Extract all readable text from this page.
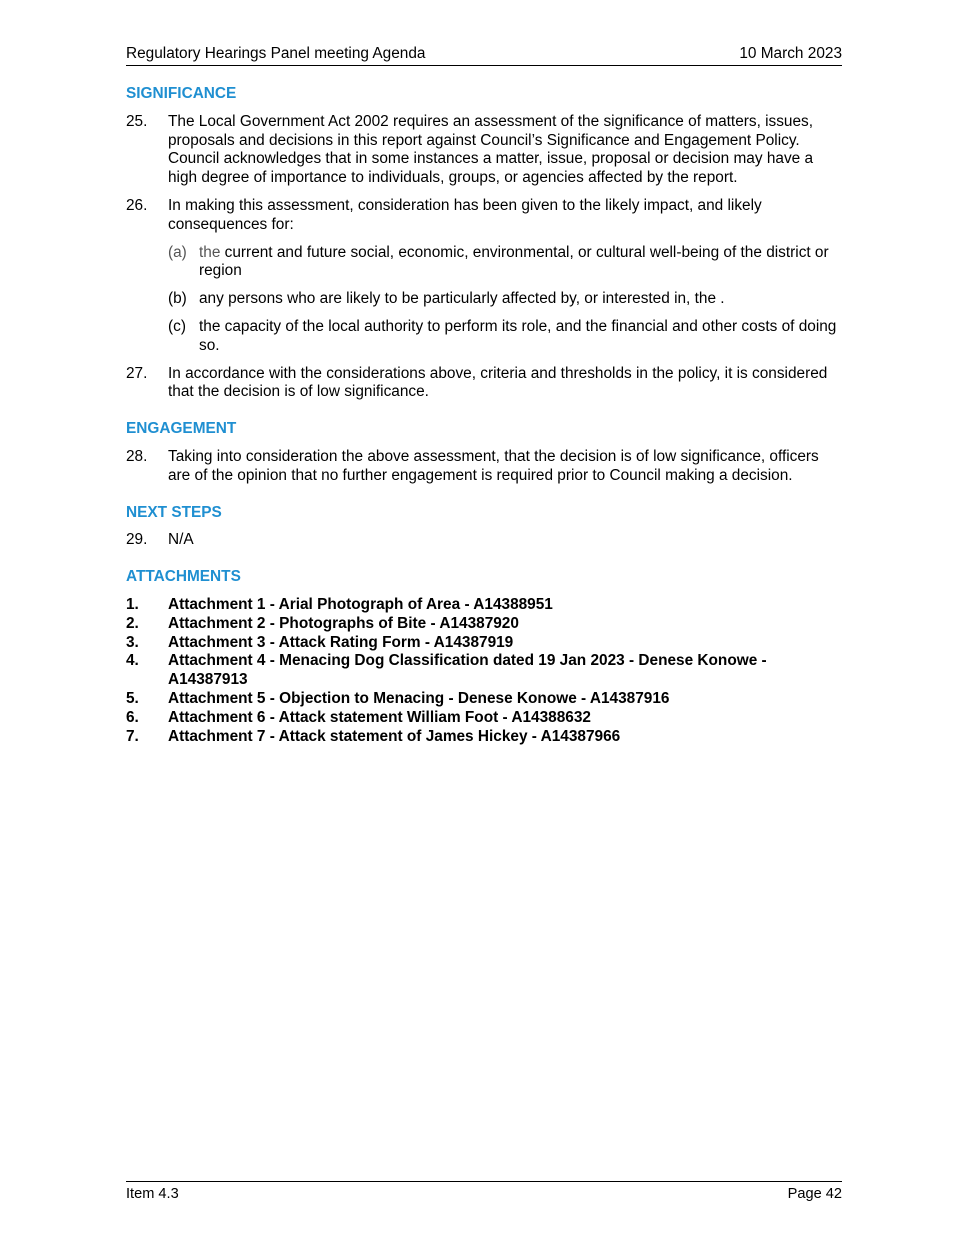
Regulatory Hearings Panel meeting Agenda	10 March 2023
SIGNIFICANCE
25. The Local Government Act 2002 requires an assessment of the significance of matters, issues, proposals and decisions in this report against Council’s Significance and Engagement Policy. Council acknowledges that in some instances a matter, issue, proposal or decision may have a high degree of importance to individuals, groups, or agencies affected by the report.
26. In making this assessment, consideration has been given to the likely impact, and likely consequences for:
(a) the current and future social, economic, environmental, or cultural well-being of the district or region
(b) any persons who are likely to be particularly affected by, or interested in, the .
(c) the capacity of the local authority to perform its role, and the financial and other costs of doing so.
27. In accordance with the considerations above, criteria and thresholds in the policy, it is considered that the decision is of low significance.
ENGAGEMENT
28. Taking into consideration the above assessment, that the decision is of low significance, officers are of the opinion that no further engagement is required prior to Council making a decision.
NEXT STEPS
29. N/A
ATTACHMENTS
1. Attachment 1 - Arial Photograph of Area - A14388951
2. Attachment 2 - Photographs of Bite - A14387920
3. Attachment 3 - Attack Rating Form - A14387919
4. Attachment 4 - Menacing Dog Classification dated 19 Jan 2023 - Denese Konowe - A14387913
5. Attachment 5 - Objection to Menacing - Denese Konowe - A14387916
6. Attachment 6 - Attack statement William Foot - A14388632
7. Attachment 7 - Attack statement of James Hickey - A14387966
Item 4.3	Page 42
